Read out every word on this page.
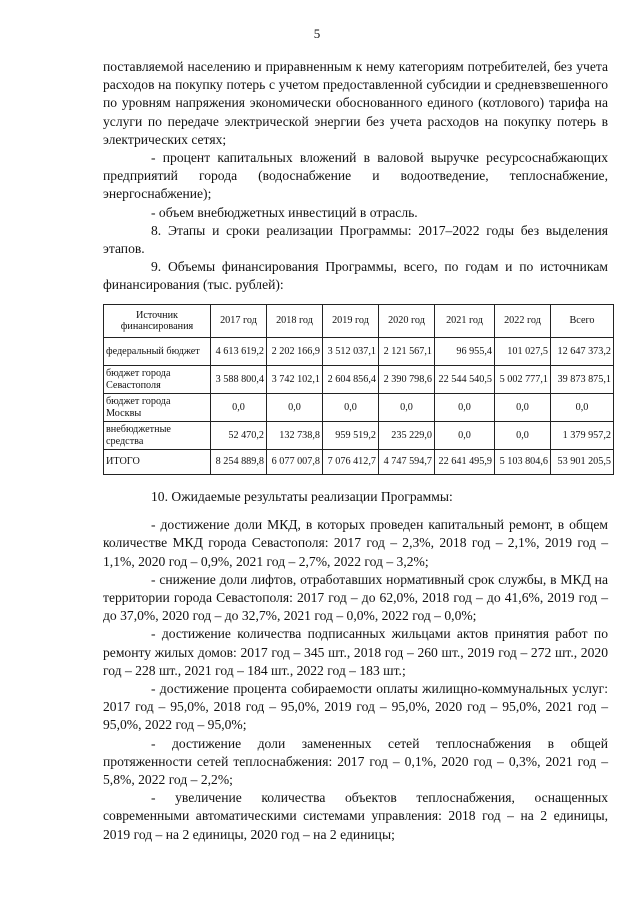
5

поставляемой населению и приравненным к нему категориям потребителей, без учета расходов на покупку потерь с учетом предоставленной субсидии и средневзвешенного по уровням напряжения экономически обоснованного единого (котлового) тарифа на услуги по передаче электрической энергии без учета расходов на покупку потерь в электрических сетях;

- процент капитальных вложений в валовой выручке ресурсоснабжающих предприятий города (водоснабжение и водоотведение, теплоснабжение, энергоснабжение);

- объем внебюджетных инвестиций в отрасль.

8. Этапы и сроки реализации Программы: 2017–2022 годы без выделения этапов.

9. Объемы финансирования Программы, всего, по годам и по источникам финансирования (тыс. рублей):

Источник финансирования	2017 год	2018 год	2019 год	2020 год	2021 год	2022 год	Всего
федеральный бюджет	4 613 619,2	2 202 166,9	3 512 037,1	2 121 567,1	96 955,4	101 027,5	12 647 373,2
бюджет города Севастополя	3 588 800,4	3 742 102,1	2 604 856,4	2 390 798,6	22 544 540,5	5 002 777,1	39 873 875,1
бюджет города Москвы	0,0	0,0	0,0	0,0	0,0	0,0	0,0
внебюджетные средства	52 470,2	132 738,8	959 519,2	235 229,0	0,0	0,0	1 379 957,2
ИТОГО	8 254 889,8	6 077 007,8	7 076 412,7	4 747 594,7	22 641 495,9	5 103 804,6	53 901 205,5

10. Ожидаемые результаты реализации Программы:

- достижение доли МКД, в которых проведен капитальный ремонт, в общем количестве МКД города Севастополя: 2017 год – 2,3%, 2018 год – 2,1%, 2019 год – 1,1%, 2020 год – 0,9%, 2021 год – 2,7%, 2022 год – 3,2%;

- снижение доли лифтов, отработавших нормативный срок службы, в МКД на территории города Севастополя: 2017 год – до 62,0%, 2018 год – до 41,6%, 2019 год – до 37,0%, 2020 год – до 32,7%, 2021 год – 0,0%, 2022 год – 0,0%;

- достижение количества подписанных жильцами актов принятия работ по ремонту жилых домов: 2017 год – 345 шт., 2018 год – 260 шт., 2019 год – 272 шт., 2020 год – 228 шт., 2021 год – 184 шт., 2022 год – 183 шт.;

- достижение процента собираемости оплаты жилищно-коммунальных услуг: 2017 год – 95,0%, 2018 год – 95,0%, 2019 год – 95,0%, 2020 год – 95,0%, 2021 год – 95,0%, 2022 год – 95,0%;

- достижение доли замененных сетей теплоснабжения в общей протяженности сетей теплоснабжения: 2017 год – 0,1%, 2020 год – 0,3%, 2021 год – 5,8%, 2022 год – 2,2%;

- увеличение количества объектов теплоснабжения, оснащенных современными автоматическими системами управления: 2018 год – на 2 единицы, 2019 год – на 2 единицы, 2020 год – на 2 единицы;
